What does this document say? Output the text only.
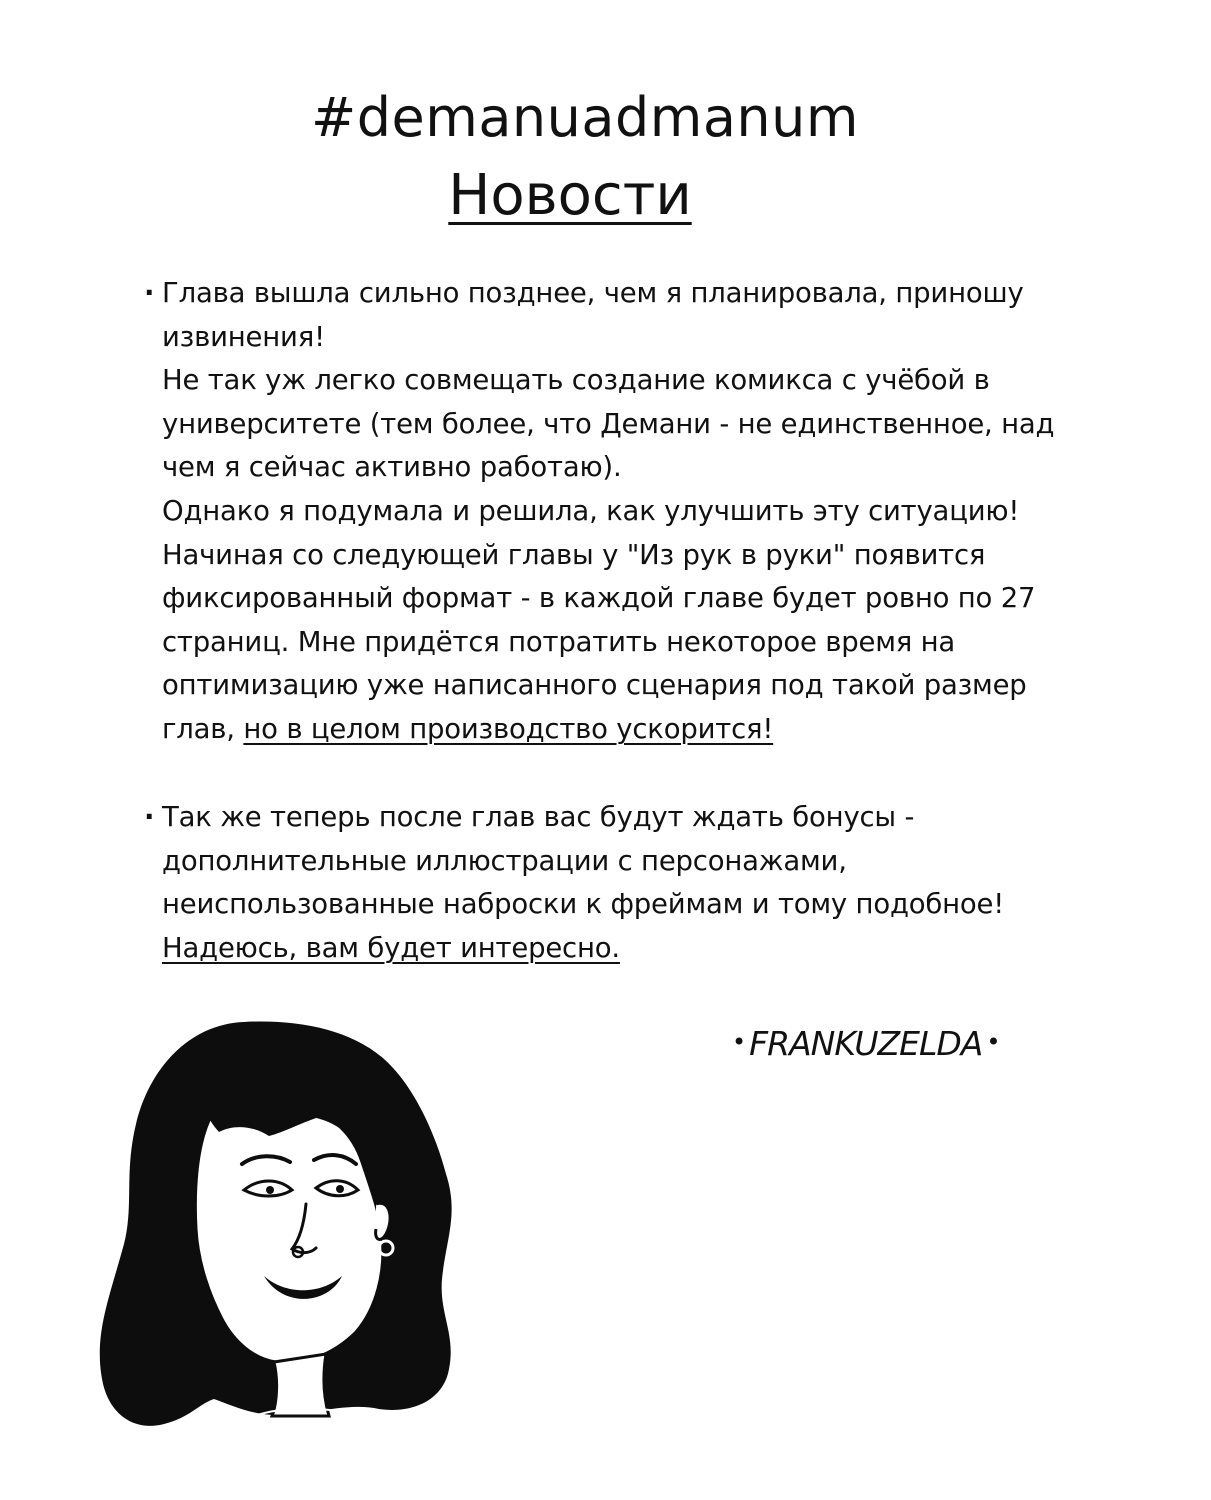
#demanuadmanum
Новости
· Глава вышла сильно позднее, чем я планировала, приношу

извинения!

Не так уж легко совмещать создание комикса с учёбой в

университете (тем более, что Демани - не единственное, над

чем я сейчас активно работаю).

Однако я подумала и решила, как улучшить эту ситуацию!

Начиная со следующей главы у "Из рук в руки" появится

фиксированный формат - в каждой главе будет ровно по 27

страниц. Мне придётся потратить некоторое время на

оптимизацию уже написанного сценария под такой размер

глав, но в целом производство ускорится!

· Так же теперь после глав вас будут ждать бонусы -

дополнительные иллюстрации с персонажами,

неиспользованные наброски к фреймам и тому подобное!

Надеюсь, вам будет интересно.

• FRANKUZELDA •
